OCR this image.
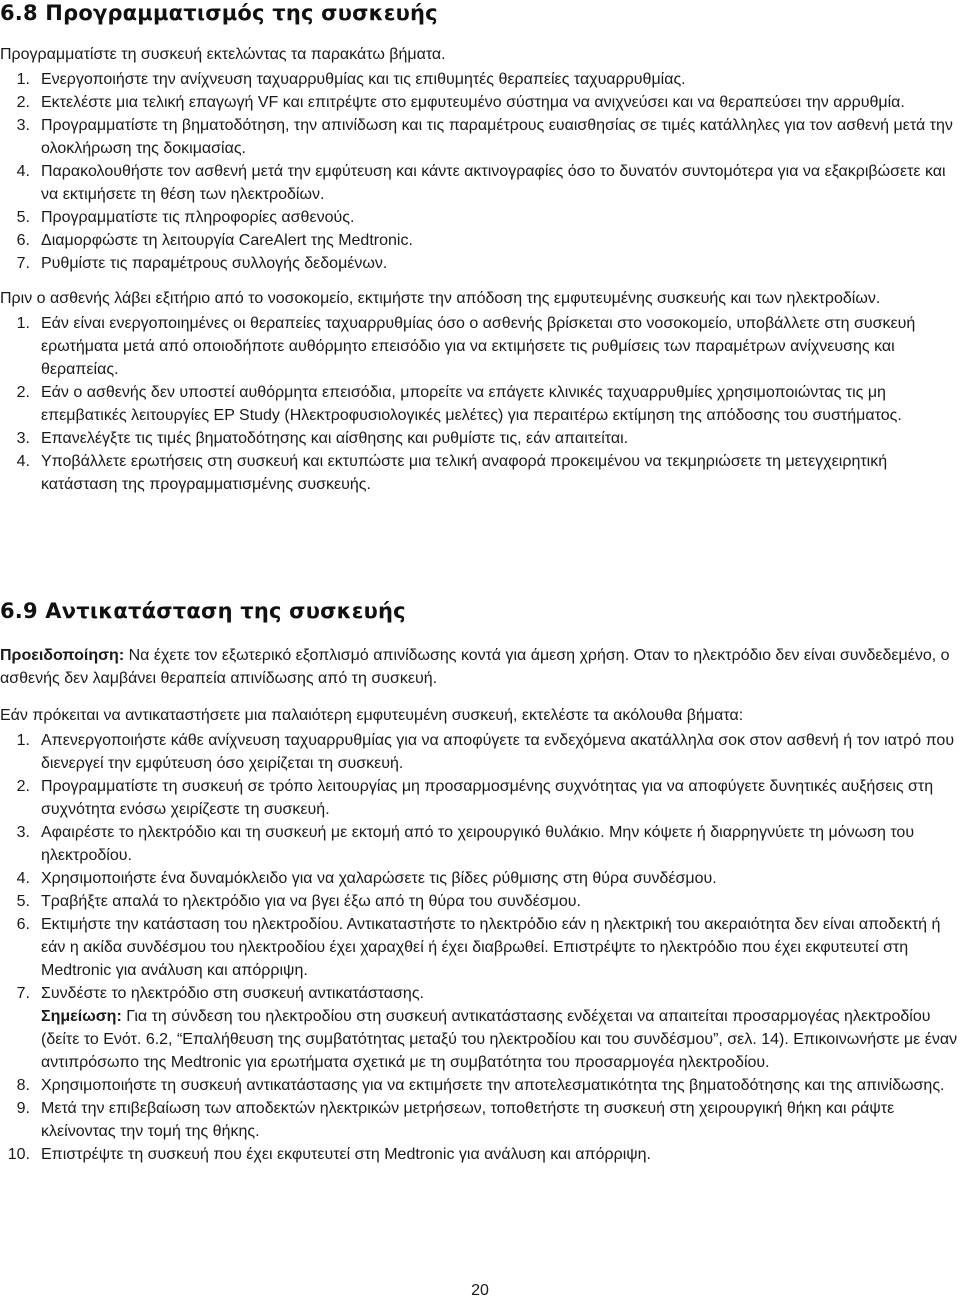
6.8 Προγραμματισμός της συσκευής

Προγραμματίστε τη συσκευή εκτελώντας τα παρακάτω βήματα.

1. Ενεργοποιήστε την ανίχνευση ταχυαρρυθμίας και τις επιθυμητές θεραπείες ταχυαρρυθμίας.
2. Εκτελέστε μια τελική επαγωγή VF και επιτρέψτε στο εμφυτευμένο σύστημα να ανιχνεύσει και να θεραπεύσει την αρρυθμία.
3. Προγραμματίστε τη βηματοδότηση, την απινίδωση και τις παραμέτρους ευαισθησίας σε τιμές κατάλληλες για τον ασθενή μετά την ολοκλήρωση της δοκιμασίας.
4. Παρακολουθήστε τον ασθενή μετά την εμφύτευση και κάντε ακτινογραφίες όσο το δυνατόν συντομότερα για να εξακριβώσετε και να εκτιμήσετε τη θέση των ηλεκτροδίων.
5. Προγραμματίστε τις πληροφορίες ασθενούς.
6. Διαμορφώστε τη λειτουργία CareAlert της Medtronic.
7. Ρυθμίστε τις παραμέτρους συλλογής δεδομένων.

Πριν ο ασθενής λάβει εξιτήριο από το νοσοκομείο, εκτιμήστε την απόδοση της εμφυτευμένης συσκευής και των ηλεκτροδίων.

1. Εάν είναι ενεργοποιημένες οι θεραπείες ταχυαρρυθμίας όσο ο ασθενής βρίσκεται στο νοσοκομείο, υποβάλλετε στη συσκευή ερωτήματα μετά από οποιοδήποτε αυθόρμητο επεισόδιο για να εκτιμήσετε τις ρυθμίσεις των παραμέτρων ανίχνευσης και θεραπείας.
2. Εάν ο ασθενής δεν υποστεί αυθόρμητα επεισόδια, μπορείτε να επάγετε κλινικές ταχυαρρυθμίες χρησιμοποιώντας τις μη επεμβατικές λειτουργίες EP Study (Ηλεκτροφυσιολογικές μελέτες) για περαιτέρω εκτίμηση της απόδοσης του συστήματος.
3. Επανελέγξτε τις τιμές βηματοδότησης και αίσθησης και ρυθμίστε τις, εάν απαιτείται.
4. Υποβάλλετε ερωτήσεις στη συσκευή και εκτυπώστε μια τελική αναφορά προκειμένου να τεκμηριώσετε τη μετεγχειρητική κατάσταση της προγραμματισμένης συσκευής.
6.9 Αντικατάσταση της συσκευής

Προειδοποίηση: Να έχετε τον εξωτερικό εξοπλισμό απινίδωσης κοντά για άμεση χρήση. Οταν το ηλεκτρόδιο δεν είναι συνδεδεμένο, ο ασθενής δεν λαμβάνει θεραπεία απινίδωσης από τη συσκευή.

Εάν πρόκειται να αντικαταστήσετε μια παλαιότερη εμφυτευμένη συσκευή, εκτελέστε τα ακόλουθα βήματα:

1. Απενεργοποιήστε κάθε ανίχνευση ταχυαρρυθμίας για να αποφύγετε τα ενδεχόμενα ακατάλληλα σοκ στον ασθενή ή τον ιατρό που διενεργεί την εμφύτευση όσο χειρίζεται τη συσκευή.
2. Προγραμματίστε τη συσκευή σε τρόπο λειτουργίας μη προσαρμοσμένης συχνότητας για να αποφύγετε δυνητικές αυξήσεις στη συχνότητα ενόσω χειρίζεστε τη συσκευή.
3. Αφαιρέστε το ηλεκτρόδιο και τη συσκευή με εκτομή από το χειρουργικό θυλάκιο. Μην κόψετε ή διαρρηγνύετε τη μόνωση του ηλεκτροδίου.
4. Χρησιμοποιήστε ένα δυναμόκλειδο για να χαλαρώσετε τις βίδες ρύθμισης στη θύρα συνδέσμου.
5. Τραβήξτε απαλά το ηλεκτρόδιο για να βγει έξω από τη θύρα του συνδέσμου.
6. Εκτιμήστε την κατάσταση του ηλεκτροδίου. Αντικαταστήστε το ηλεκτρόδιο εάν η ηλεκτρική του ακεραιότητα δεν είναι αποδεκτή ή εάν η ακίδα συνδέσμου του ηλεκτροδίου έχει χαραχθεί ή έχει διαβρωθεί. Επιστρέψτε το ηλεκτρόδιο που έχει εκφυτευτεί στη Medtronic για ανάλυση και απόρριψη.
7. Συνδέστε το ηλεκτρόδιο στη συσκευή αντικατάστασης.
Σημείωση: Για τη σύνδεση του ηλεκτροδίου στη συσκευή αντικατάστασης ενδέχεται να απαιτείται προσαρμογέας ηλεκτροδίου (δείτε το Ενότ. 6.2, “Επαλήθευση της συμβατότητας μεταξύ του ηλεκτροδίου και του συνδέσμου”, σελ. 14). Επικοινωνήστε με έναν αντιπρόσωπο της Medtronic για ερωτήματα σχετικά με τη συμβατότητα του προσαρμογέα ηλεκτροδίου.
8. Χρησιμοποιήστε τη συσκευή αντικατάστασης για να εκτιμήσετε την αποτελεσματικότητα της βηματοδότησης και της απινίδωσης.
9. Μετά την επιβεβαίωση των αποδεκτών ηλεκτρικών μετρήσεων, τοποθετήστε τη συσκευή στη χειρουργική θήκη και ράψτε κλείνοντας την τομή της θήκης.
10. Επιστρέψτε τη συσκευή που έχει εκφυτευτεί στη Medtronic για ανάλυση και απόρριψη.
20
